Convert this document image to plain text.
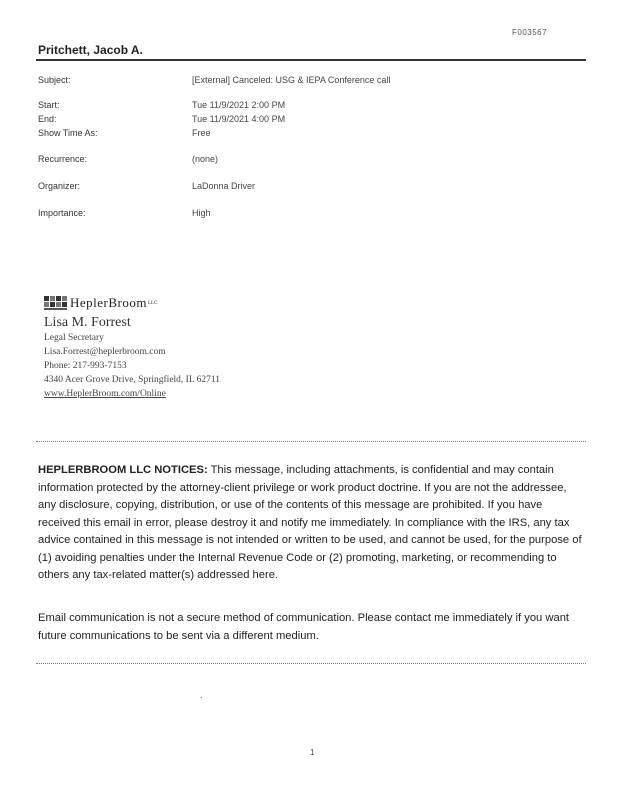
F003567
Pritchett, Jacob A.
Subject:	[External] Canceled: USG & IEPA Conference call
Start:	Tue 11/9/2021 2:00 PM
End:	Tue 11/9/2021 4:00 PM
Show Time As:	Free
Recurrence:	(none)
Organizer:	LaDonna Driver
Importance:	High
HeplerBroom LLC
Lisa M. Forrest
Legal Secretary
Lisa.Forrest@heplerbroom.com
Phone: 217-993-7153
4340 Acer Grove Drive, Springfield, IL 62711
www.HeplerBroom.com/Online
HEPLERBROOM LLC NOTICES: This message, including attachments, is confidential and may contain information protected by the attorney-client privilege or work product doctrine. If you are not the addressee, any disclosure, copying, distribution, or use of the contents of this message are prohibited. If you have received this email in error, please destroy it and notify me immediately. In compliance with the IRS, any tax advice contained in this message is not intended or written to be used, and cannot be used, for the purpose of (1) avoiding penalties under the Internal Revenue Code or (2) promoting, marketing, or recommending to others any tax-related matter(s) addressed here.
Email communication is not a secure method of communication. Please contact me immediately if you want future communications to be sent via a different medium.
.
1
